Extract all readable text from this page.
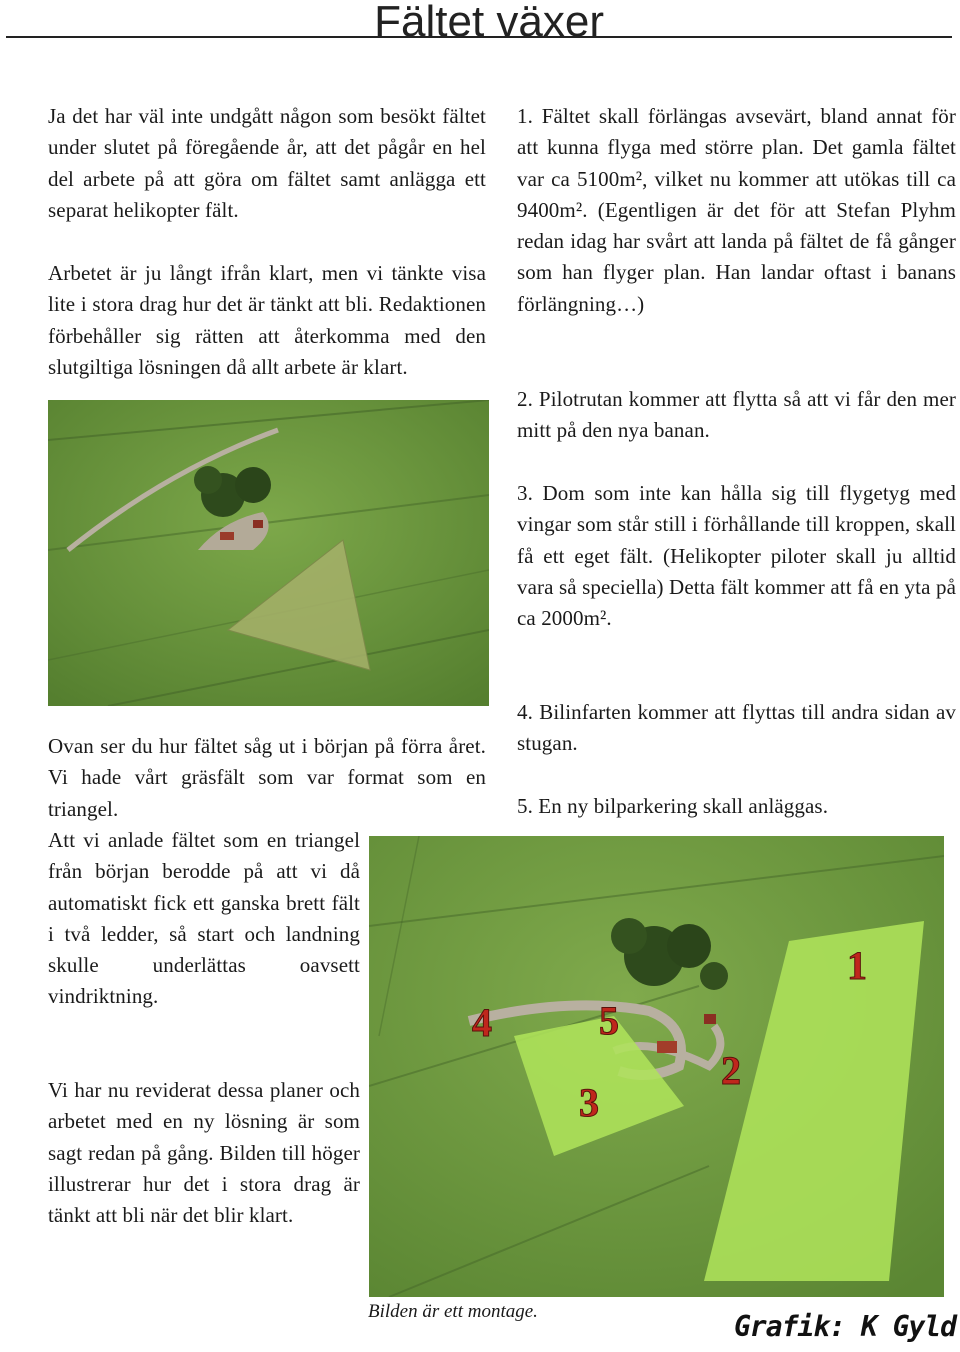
Fältet växer

Ja det har väl inte undgått någon som besökt fältet under slutet på föregående år, att det pågår en hel del arbete på att göra om fältet samt anlägga ett separat helikopter fält.

Arbetet är ju långt ifrån klart, men vi tänkte visa lite i stora drag hur det är tänkt att bli. Redaktionen förbehåller sig rätten att återkomma med den slutgiltiga lösningen då allt arbete är klart.

Ovan ser du hur fältet såg ut i början på förra året. Vi hade vårt gräsfält som var format som en triangel.

Att vi anlade fältet som en triangel från början berodde på att vi då automatiskt fick ett ganska brett fält i två ledder, så start och landning skulle underlättas oavsett vindriktning.

Vi har nu reviderat dessa planer och arbetet med en ny lösning är som sagt redan på gång. Bilden till höger illustrerar hur det i stora drag är tänkt att bli när det blir klart.

1. Fältet skall förlängas avsevärt, bland annat för att kunna flyga med större plan. Det gamla fältet var ca 5100m², vilket nu kommer att utökas till ca 9400m². (Egentligen är det för att Stefan Plyhm redan idag har svårt att landa på fältet de få gånger som han flyger plan. Han landar oftast i banans förlängning…)

2. Pilotrutan kommer att flytta så att vi får den mer mitt på den nya banan.

3. Dom som inte kan hålla sig till flygetyg med vingar som står still i förhållande till kroppen, skall få ett eget fält. (Helikopter piloter skall ju alltid vara så speciella) Detta fält kommer att få en yta på ca 2000m².

4. Bilinfarten kommer att flyttas till andra sidan av stugan.

5. En ny bilparkering skall anläggas.

1
2
3
4	5
Bilden är ett montage.	Grafik: K Gyld
